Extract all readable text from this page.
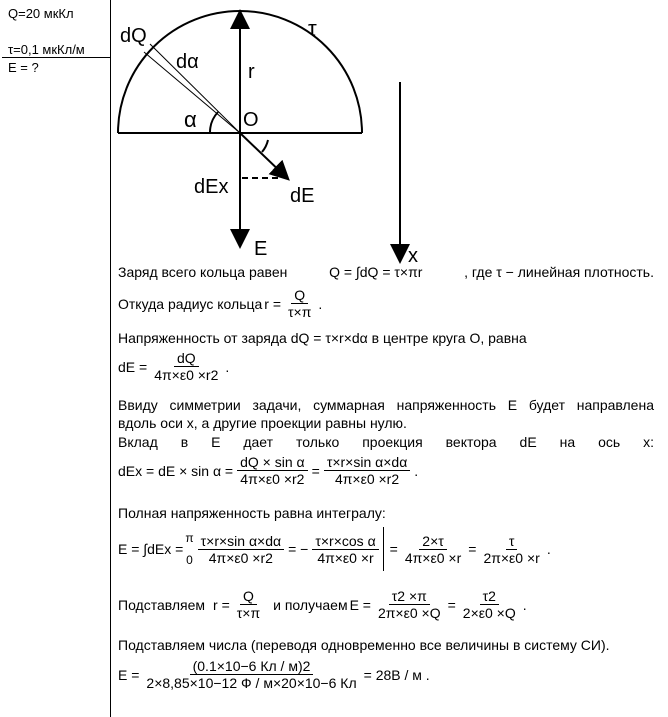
Q=20 мкКл
τ=0,1 мкКл/м
E = ?
dQ
dα r
τ
α O
dEx	dE
E	x
Заряд всего кольца равен	Q = ∫dQ = τ×πr	, где τ − линейная плотность.
Откуда радиус кольца $r = \frac{Q}{\tau\times\pi}$ .
Напряженность от заряда dQ = τ×r×dα в центре круга O, равна
dE = $\frac{dQ}{4\pi\times\varepsilon 0 \times r2}$ .
Ввиду симметрии задачи, суммарная напряженность E будет направлена
вдоль оси x, а другие проекции равны нулю.
Вклад в E дает только проекция вектора dE на ось x:
dEx = dE × $\sin \alpha = \frac{\text{dQ × sin α}}{4\pi\times\varepsilon 0 \times r2} = \frac{\text{τ×r×sin α×dα}}{4\pi\times\varepsilon 0 \times r2}$ .
Полная напряженность равна интегралу:
E = ∫dEx =
π
$0 \frac{\text{τ×r×sin α×dα}}{4\pi\times\varepsilon 0 \times r2}$ = − $\frac{\text{τ×r×cos α}}{4\pi\times\varepsilon 0 \times r} = \frac{2\times\tau}{4\pi\times\varepsilon 0 \times r} = \frac{\tau}{2\pi\times\varepsilon 0 \times r}$ .
Подставляем $r = \frac{Q}{\tau\times\pi}$ и получаем $E = \frac{\tau 2 \times\pi}{2\pi\times\varepsilon 0 \times Q} = \frac{\tau 2}{2\times\varepsilon 0 \times Q}$ .
Подставляем числа (переводя одновременно все величины в систему СИ).
$E = \frac{(0.1\times 10-6 Кл / м)2}{2\times 8,85\times 10-12 Ф / м\times 20\times 10-6 Кл} = 28В / м$ .
